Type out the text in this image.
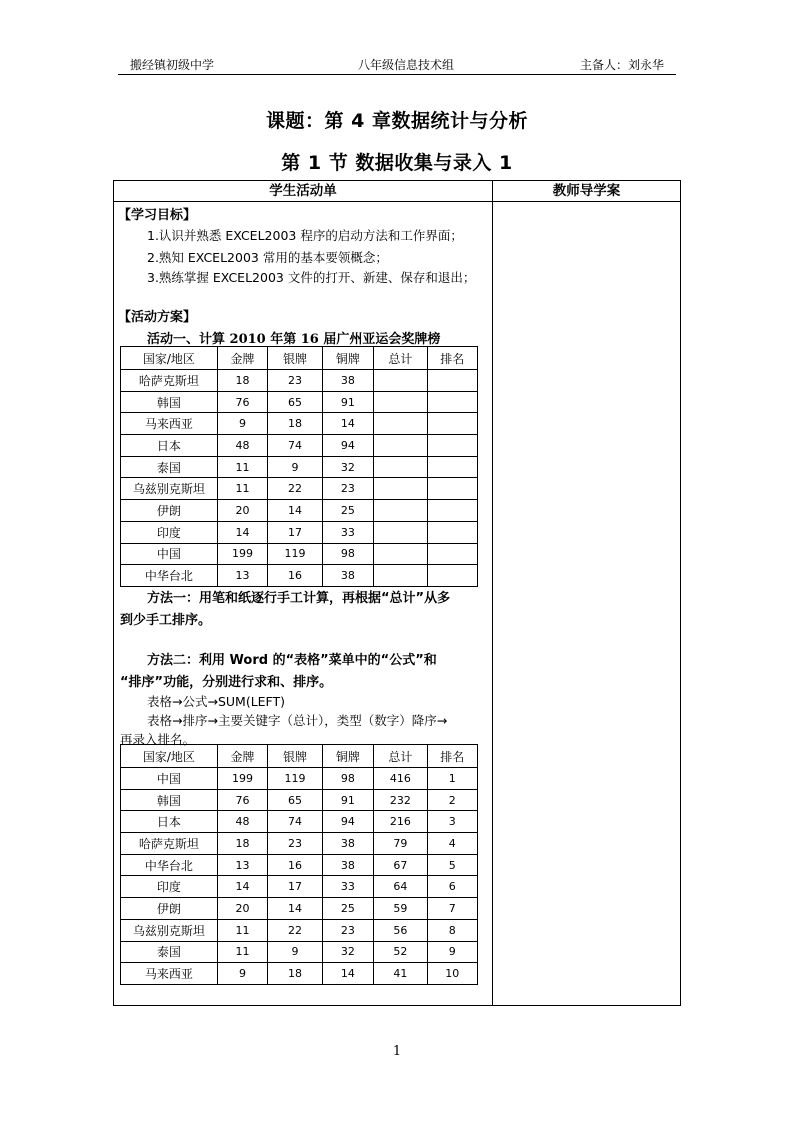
搬经镇初级中学	八年级信息技术组	主备人：刘永华
课题：第 4 章数据统计与分析
第 1 节 数据收集与录入 1
学生活动单	教师导学案
【学习目标】
1.认识并熟悉 EXCEL2003 程序的启动方法和工作界面；
2.熟知 EXCEL2003 常用的基本要领概念；
3.熟练掌握 EXCEL2003 文件的打开、新建、保存和退出；
【活动方案】
活动一、计算 2010 年第 16 届广州亚运会奖牌榜
国家/地区	金牌	银牌	铜牌	总计	排名
哈萨克斯坦	18	23	38		
韩国	76	65	91		
马来西亚	9	18	14		
日本	48	74	94		
泰国	11	9	32		
乌兹别克斯坦	11	22	23		
伊朗	20	14	25		
印度	14	17	33		
中国	199	119	98		
中华台北	13	16	38		
方法一：用笔和纸逐行手工计算，再根据“总计”从多
到少手工排序。
方法二：利用 Word 的“表格”菜单中的“公式”和
“排序”功能，分别进行求和、排序。
表格→公式→SUM(LEFT)
表格→排序→主要关键字（总计），类型（数字）降序→
再录入排名。
国家/地区	金牌	银牌	铜牌	总计	排名
中国	199	119	98	416	1
韩国	76	65	91	232	2
日本	48	74	94	216	3
哈萨克斯坦	18	23	38	79	4
中华台北	13	16	38	67	5
印度	14	17	33	64	6
伊朗	20	14	25	59	7
乌兹别克斯坦	11	22	23	56	8
泰国	11	9	32	52	9
马来西亚	9	18	14	41	10
1
